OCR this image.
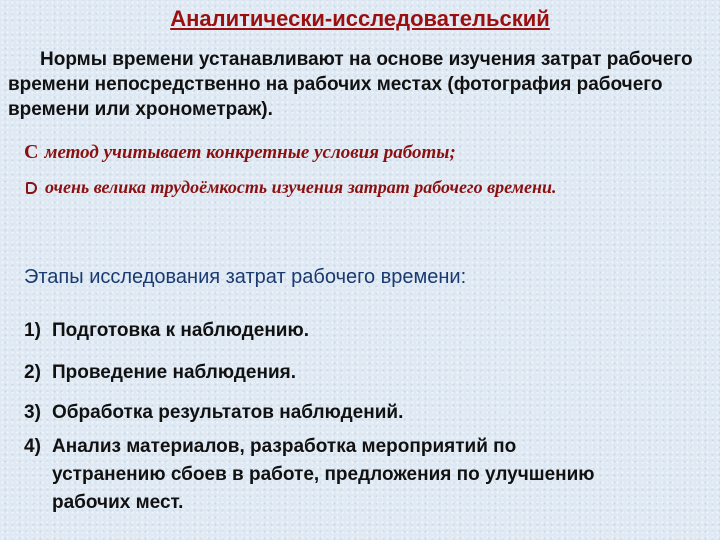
Аналитически-исследовательский

Нормы времени устанавливают на основе изучения затрат рабочего времени непосредственно на рабочих местах (фотография рабочего времени или хронометраж).

C метод учитывает конкретные условия работы;
очень велика трудоёмкость изучения затрат рабочего времени.

Этапы исследования затрат рабочего времени:

1) Подготовка к наблюдению.
2) Проведение наблюдения.
3) Обработка результатов наблюдений.
4) Анализ материалов, разработка мероприятий по устранению сбоев в работе, предложения по улучшению рабочих мест.
